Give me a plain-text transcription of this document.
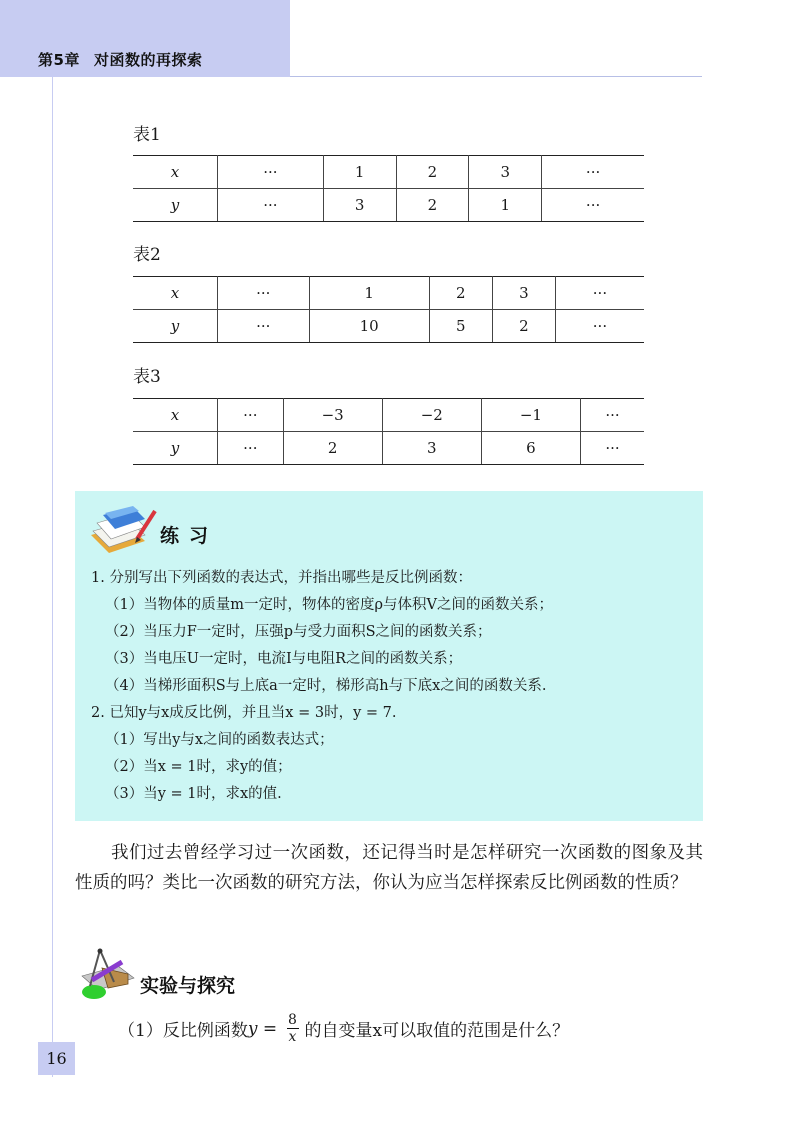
第5章 对函数的再探索
表1
x	···	1	2	3	···
y	···	3	2	1	···
表2
x	···	1	2	3	···
y	···	10	5	2	···
表3
x	···	−3	−2	−1	···
y	···	2	3	6	···
练习
1. 分别写出下列函数的表达式，并指出哪些是反比例函数：
（1）当物体的质量m一定时，物体的密度ρ与体积V之间的函数关系；
（2）当压力F一定时，压强p与受力面积S之间的函数关系；
（3）当电压U一定时，电流I与电阻R之间的函数关系；
（4）当梯形面积S与上底a一定时，梯形高h与下底x之间的函数关系.
2. 已知y与x成反比例，并且当x = 3时，y = 7.
（1）写出y与x之间的函数表达式；
（2）当x = 1时，求y的值；
（3）当y = 1时，求x的值.
我们过去曾经学习过一次函数，还记得当时是怎样研究一次函数的图象及其性质的吗？类比一次函数的研究方法，你认为应当怎样探索反比例函数的性质？
实验与探究
（1）反比例函数 $y = \frac{8}{x}$ 的自变量x可以取值的范围是什么？
16
